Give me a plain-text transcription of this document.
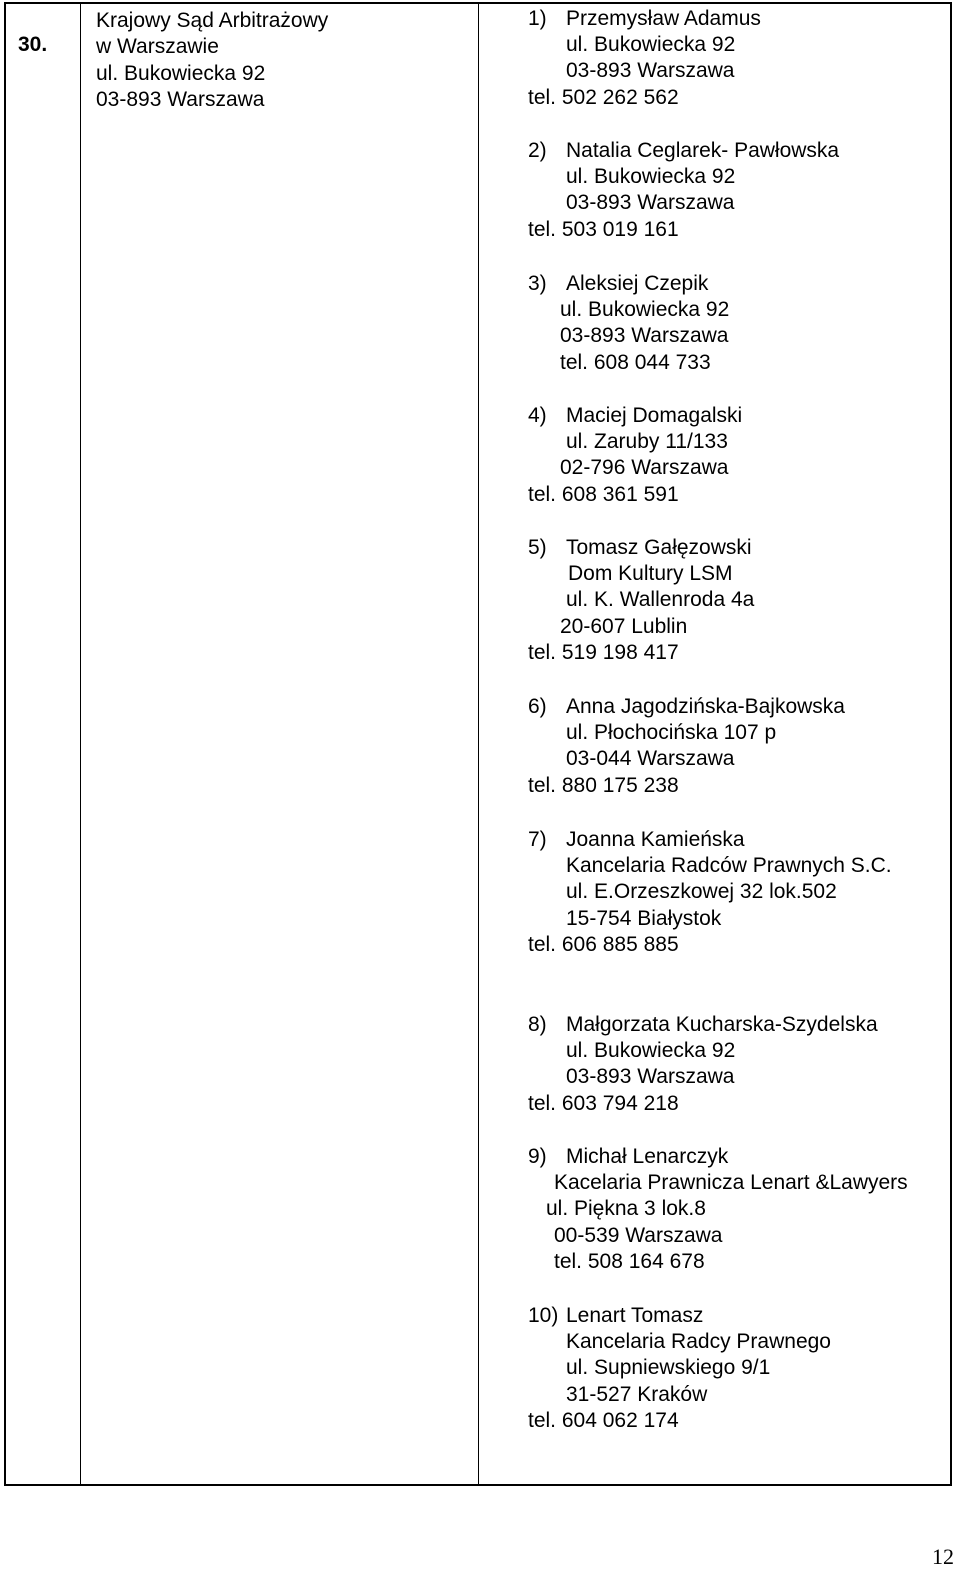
30.
Krajowy Sąd Arbitrażowy
w Warszawie
ul. Bukowiecka 92
03-893 Warszawa
1) Przemysław Adamus
ul. Bukowiecka 92
03-893 Warszawa
tel. 502 262 562
2) Natalia Ceglarek- Pawłowska
ul. Bukowiecka 92
03-893 Warszawa
tel. 503 019 161
3) Aleksiej Czepik
ul. Bukowiecka 92
03-893 Warszawa
tel. 608 044 733
4) Maciej Domagalski
ul. Zaruby 11/133
02-796 Warszawa
tel. 608 361 591
5) Tomasz Gałęzowski
Dom Kultury LSM
ul. K. Wallenroda 4a
20-607 Lublin
tel. 519 198 417
6) Anna Jagodzińska-Bajkowska
ul. Płochocińska 107 p
03-044 Warszawa
tel. 880 175 238
7) Joanna Kamieńska
Kancelaria Radców Prawnych S.C.
ul. E.Orzeszkowej 32 lok.502
15-754 Białystok
tel. 606 885 885
8) Małgorzata Kucharska-Szydelska
ul. Bukowiecka 92
03-893 Warszawa
tel. 603 794 218
9) Michał Lenarczyk
Kacelaria Prawnicza Lenart &Lawyers
ul. Piękna 3 lok.8
00-539 Warszawa
tel. 508 164 678
10) Lenart Tomasz
Kancelaria Radcy Prawnego
ul. Supniewskiego 9/1
31-527 Kraków
tel. 604 062 174
12
